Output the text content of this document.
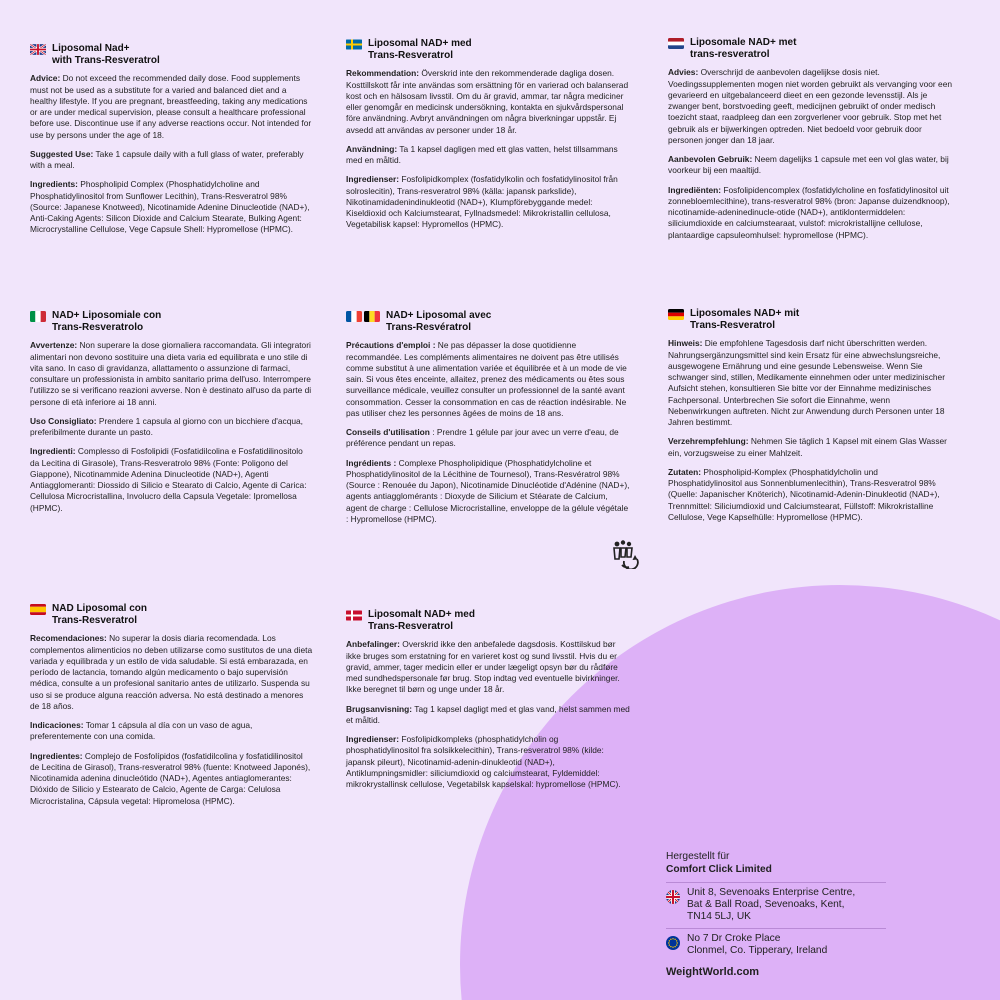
Liposomal Nad+
with Trans-Resveratrol

Advice: Do not exceed the recommended daily dose. Food supplements must not be used as a substitute for a varied and balanced diet and a healthy lifestyle. If you are pregnant, breastfeeding, taking any medications or are under medical supervision, please consult a healthcare professional before use. Discontinue use if any adverse reactions occur. Not intended for use by persons under the age of 18.

Suggested Use: Take 1 capsule daily with a full glass of water, preferably with a meal.

Ingredients: Phospholipid Complex (Phosphatidylcholine and Phosphatidylinositol from Sunflower Lecithin), Trans-Resveratrol 98% (Source: Japanese Knotweed), Nicotinamide Adenine Dinucleotide (NAD+), Anti-Caking Agents: Silicon Dioxide and Calcium Stearate, Bulking Agent: Microcrystalline Cellulose, Vege Capsule Shell: Hypromellose (HPMC).

Liposomal NAD+ med
Trans-Resveratrol

Rekommendation: Överskrid inte den rekommenderade dagliga dosen. Kosttillskott får inte användas som ersättning för en varierad och balanserad kost och en hälsosam livsstil. Om du är gravid, ammar, tar några mediciner eller genomgår en medicinsk undersökning, kontakta en sjukvårdspersonal före användning. Avbryt användningen om några biverkningar uppstår. Ej avsedd att användas av personer under 18 år.

Användning: Ta 1 kapsel dagligen med ett glas vatten, helst tillsammans med en måltid.

Ingredienser: Fosfolipidkomplex (fosfatidylkolin och fosfatidylinositol från solroslecitin), Trans-resveratrol 98% (källa: japansk parkslide), Nikotinamidadenindinukleotid (NAD+), Klumpförebyggande medel: Kiseldioxid och Kalciumstearat, Fyllnadsmedel: Mikrokristallin cellulosa, Vegetabilisk kapsel: Hypromellos (HPMC).

Liposomale NAD+ met
trans-resveratrol

Advies: Overschrijd de aanbevolen dagelijkse dosis niet. Voedingssupplementen mogen niet worden gebruikt als vervanging voor een gevarieerd en uitgebalanceerd dieet en een gezonde levensstijl. Als je zwanger bent, borstvoeding geeft, medicijnen gebruikt of onder medisch toezicht staat, raadpleeg dan een zorgverlener voor gebruik. Stop met het gebruik als er bijwerkingen optreden. Niet bedoeld voor gebruik door personen jonger dan 18 jaar.

Aanbevolen Gebruik: Neem dagelijks 1 capsule met een vol glas water, bij voorkeur bij een maaltijd.

Ingrediënten: Fosfolipidencomplex (fosfatidylcholine en fosfatidylinositol uit zonnebloemlecithine), trans-resveratrol 98% (bron: Japanse duizendknoop), nicotinamide-adeninedinucle-otide (NAD+), antiklontermiddelen: siliciumdioxide en calciumstearaat, vulstof: microkristallijne cellulose, plantaardige capsuleomhulsel: hypromellose (HPMC).

NAD+ Liposomiale con
Trans-Resveratrolo

Avvertenze: Non superare la dose giornaliera raccomandata. Gli integratori alimentari non devono sostituire una dieta varia ed equilibrata e uno stile di vita sano. In caso di gravidanza, allattamento o assunzione di farmaci, consultare un professionista in ambito sanitario prima dell'uso. Interrompere l'utilizzo se si verificano reazioni avverse. Non è destinato all'uso da parte di persone di età inferiore ai 18 anni.

Uso Consigliato: Prendere 1 capsula al giorno con un bicchiere d'acqua, preferibilmente durante un pasto.

Ingredienti: Complesso di Fosfolipidi (Fosfatidilcolina e Fosfatidilinositolo da Lecitina di Girasole), Trans-Resveratrolo 98% (Fonte: Poligono del Giappone), Nicotinammide Adenina Dinucleotide (NAD+), Agenti Antiagglomeranti: Diossido di Silicio e Stearato di Calcio, Agente di Carica: Cellulosa Microcristallina, Involucro della Capsula Vegetale: Ipromellosa (HPMC).

NAD+ Liposomal avec
Trans-Resvératrol

Précautions d'emploi : Ne pas dépasser la dose quotidienne recommandée. Les compléments alimentaires ne doivent pas être utilisés comme substitut à une alimentation variée et équilibrée et à un mode de vie sain. Si vous êtes enceinte, allaitez, prenez des médicaments ou êtes sous surveillance médicale, veuillez consulter un professionnel de la santé avant consommation. Cesser la consommation en cas de réaction indésirable. Ne pas utiliser chez les personnes âgées de moins de 18 ans.

Conseils d'utilisation : Prendre 1 gélule par jour avec un verre d'eau, de préférence pendant un repas.

Ingrédients : Complexe Phospholipidique (Phosphatidylcholine et Phosphatidylinositol de la Lécithine de Tournesol), Trans-Resvératrol 98% (Source : Renouée du Japon), Nicotinamide Dinucléotide d'Adénine (NAD+), agents antiagglomérants : Dioxyde de Silicium et Stéarate de Calcium, agent de charge : Cellulose Microcristalline, enveloppe de la gélule végétale : Hypromellose (HPMC).

Liposomales NAD+ mit
Trans-Resveratrol

Hinweis: Die empfohlene Tagesdosis darf nicht überschritten werden. Nahrungsergänzungsmittel sind kein Ersatz für eine abwechslungsreiche, ausgewogene Ernährung und eine gesunde Lebensweise. Wenn Sie schwanger sind, stillen, Medikamente einnehmen oder unter medizinischer Aufsicht stehen, konsultieren Sie bitte vor der Einnahme medizinisches Fachpersonal. Unterbrechen Sie sofort die Einnahme, wenn Nebenwirkungen auftreten. Nicht zur Anwendung durch Personen unter 18 Jahren bestimmt.

Verzehrempfehlung: Nehmen Sie täglich 1 Kapsel mit einem Glas Wasser ein, vorzugsweise zu einer Mahlzeit.

Zutaten: Phospholipid-Komplex (Phosphatidylcholin und Phosphatidylinositol aus Sonnenblumenlecithin), Trans-Resveratrol 98% (Quelle: Japanischer Knöterich), Nicotinamid-Adenin-Dinukleotid (NAD+), Trennmittel: Siliciumdioxid und Calciumstearat, Füllstoff: Mikrokristalline Cellulose, Vege Kapselhülle: Hypromellose (HPMC).

NAD Liposomal con
Trans-Resveratrol

Recomendaciones: No superar la dosis diaria recomendada. Los complementos alimenticios no deben utilizarse como sustitutos de una dieta variada y equilibrada y un estilo de vida saludable. Si está embarazada, en período de lactancia, tomando algún medicamento o bajo supervisión médica, consulte a un profesional sanitario antes de utilizarlo. Suspenda su uso si se produce alguna reacción adversa. No está destinado a menores de 18 años.

Indicaciones: Tomar 1 cápsula al día con un vaso de agua, preferentemente con una comida.

Ingredientes: Complejo de Fosfolípidos (fosfatidilcolina y fosfatidilinositol de Lecitina de Girasol), Trans-resveratrol 98% (fuente: Knotweed Japonés), Nicotinamida adenina dinucleótido (NAD+), Agentes antiaglomerantes: Dióxido de Silicio y Estearato de Calcio, Agente de Carga: Celulosa Microcristalina, Cápsula vegetal: Hipromelosa (HPMC).

Liposomalt NAD+ med
Trans-Resveratrol

Anbefalinger: Overskrid ikke den anbefalede dagsdosis. Kosttilskud bør ikke bruges som erstatning for en varieret kost og sund livsstil. Hvis du er gravid, ammer, tager medicin eller er under lægeligt opsyn bør du rådføre med sundhedspersonale før brug. Stop indtag ved eventuelle bivirkninger. Ikke beregnet til børn og unge under 18 år.

Brugsanvisning: Tag 1 kapsel dagligt med et glas vand, helst sammen med et måltid.

Ingredienser: Fosfolipidkompleks (phosphatidylcholin og phosphatidylinositol fra solsikkelecithin), Trans-resveratrol 98% (kilde: japansk pileurt), Nicotinamid-adenin-dinukleotid (NAD+), Antiklumpningsmidler: siliciumdioxid og calciumstearat, Fyldemiddel: mikrokrystallinsk cellulose, Vegetabilsk kapselskal: hypromellose (HPMC).

Hergestellt für
Comfort Click Limited
Unit 8, Sevenoaks Enterprise Centre,
Bat & Ball Road, Sevenoaks, Kent,
TN14 5LJ, UK
No 7 Dr Croke Place
Clonmel, Co. Tipperary, Ireland
WeightWorld.com
